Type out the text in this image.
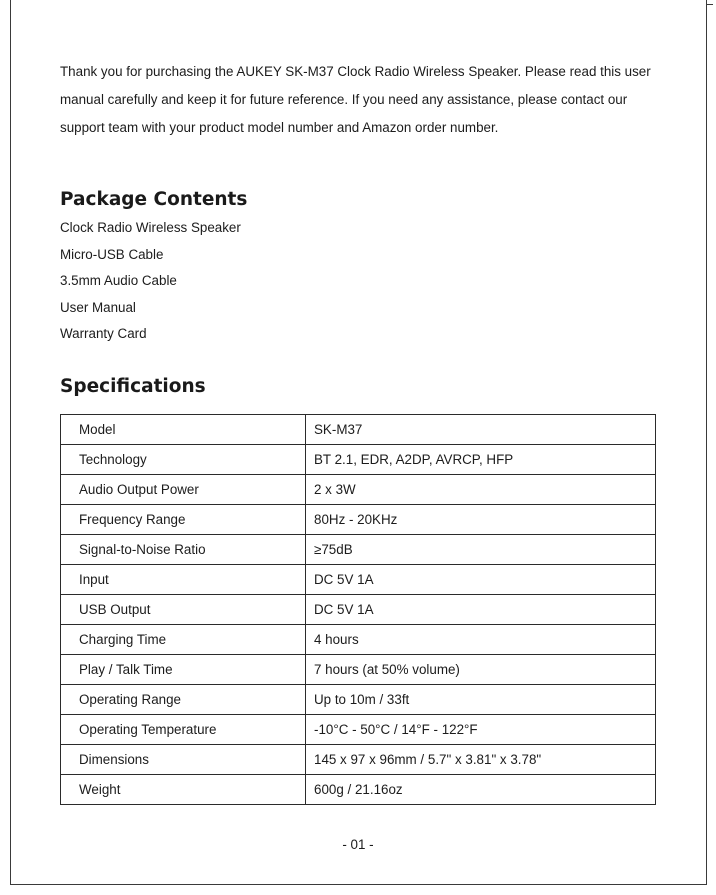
Thank you for purchasing the AUKEY SK-M37 Clock Radio Wireless Speaker. Please read this user manual carefully and keep it for future reference. If you need any assistance, please contact our support team with your product model number and Amazon order number.

Package Contents
Clock Radio Wireless Speaker
Micro-USB Cable
3.5mm Audio Cable
User Manual
Warranty Card
Specifications
Model	SK-M37
Technology	BT 2.1, EDR, A2DP, AVRCP, HFP
Audio Output Power	2 x 3W
Frequency Range	80Hz - 20KHz
Signal-to-Noise Ratio	≥75dB
Input	DC 5V 1A
USB Output	DC 5V 1A
Charging Time	4 hours
Play / Talk Time	7 hours (at 50% volume)
Operating Range	Up to 10m / 33ft
Operating Temperature	-10°C - 50°C / 14°F - 122°F
Dimensions	145 x 97 x 96mm / 5.7" x 3.81" x 3.78"
Weight	600g / 21.16oz
- 01 -
